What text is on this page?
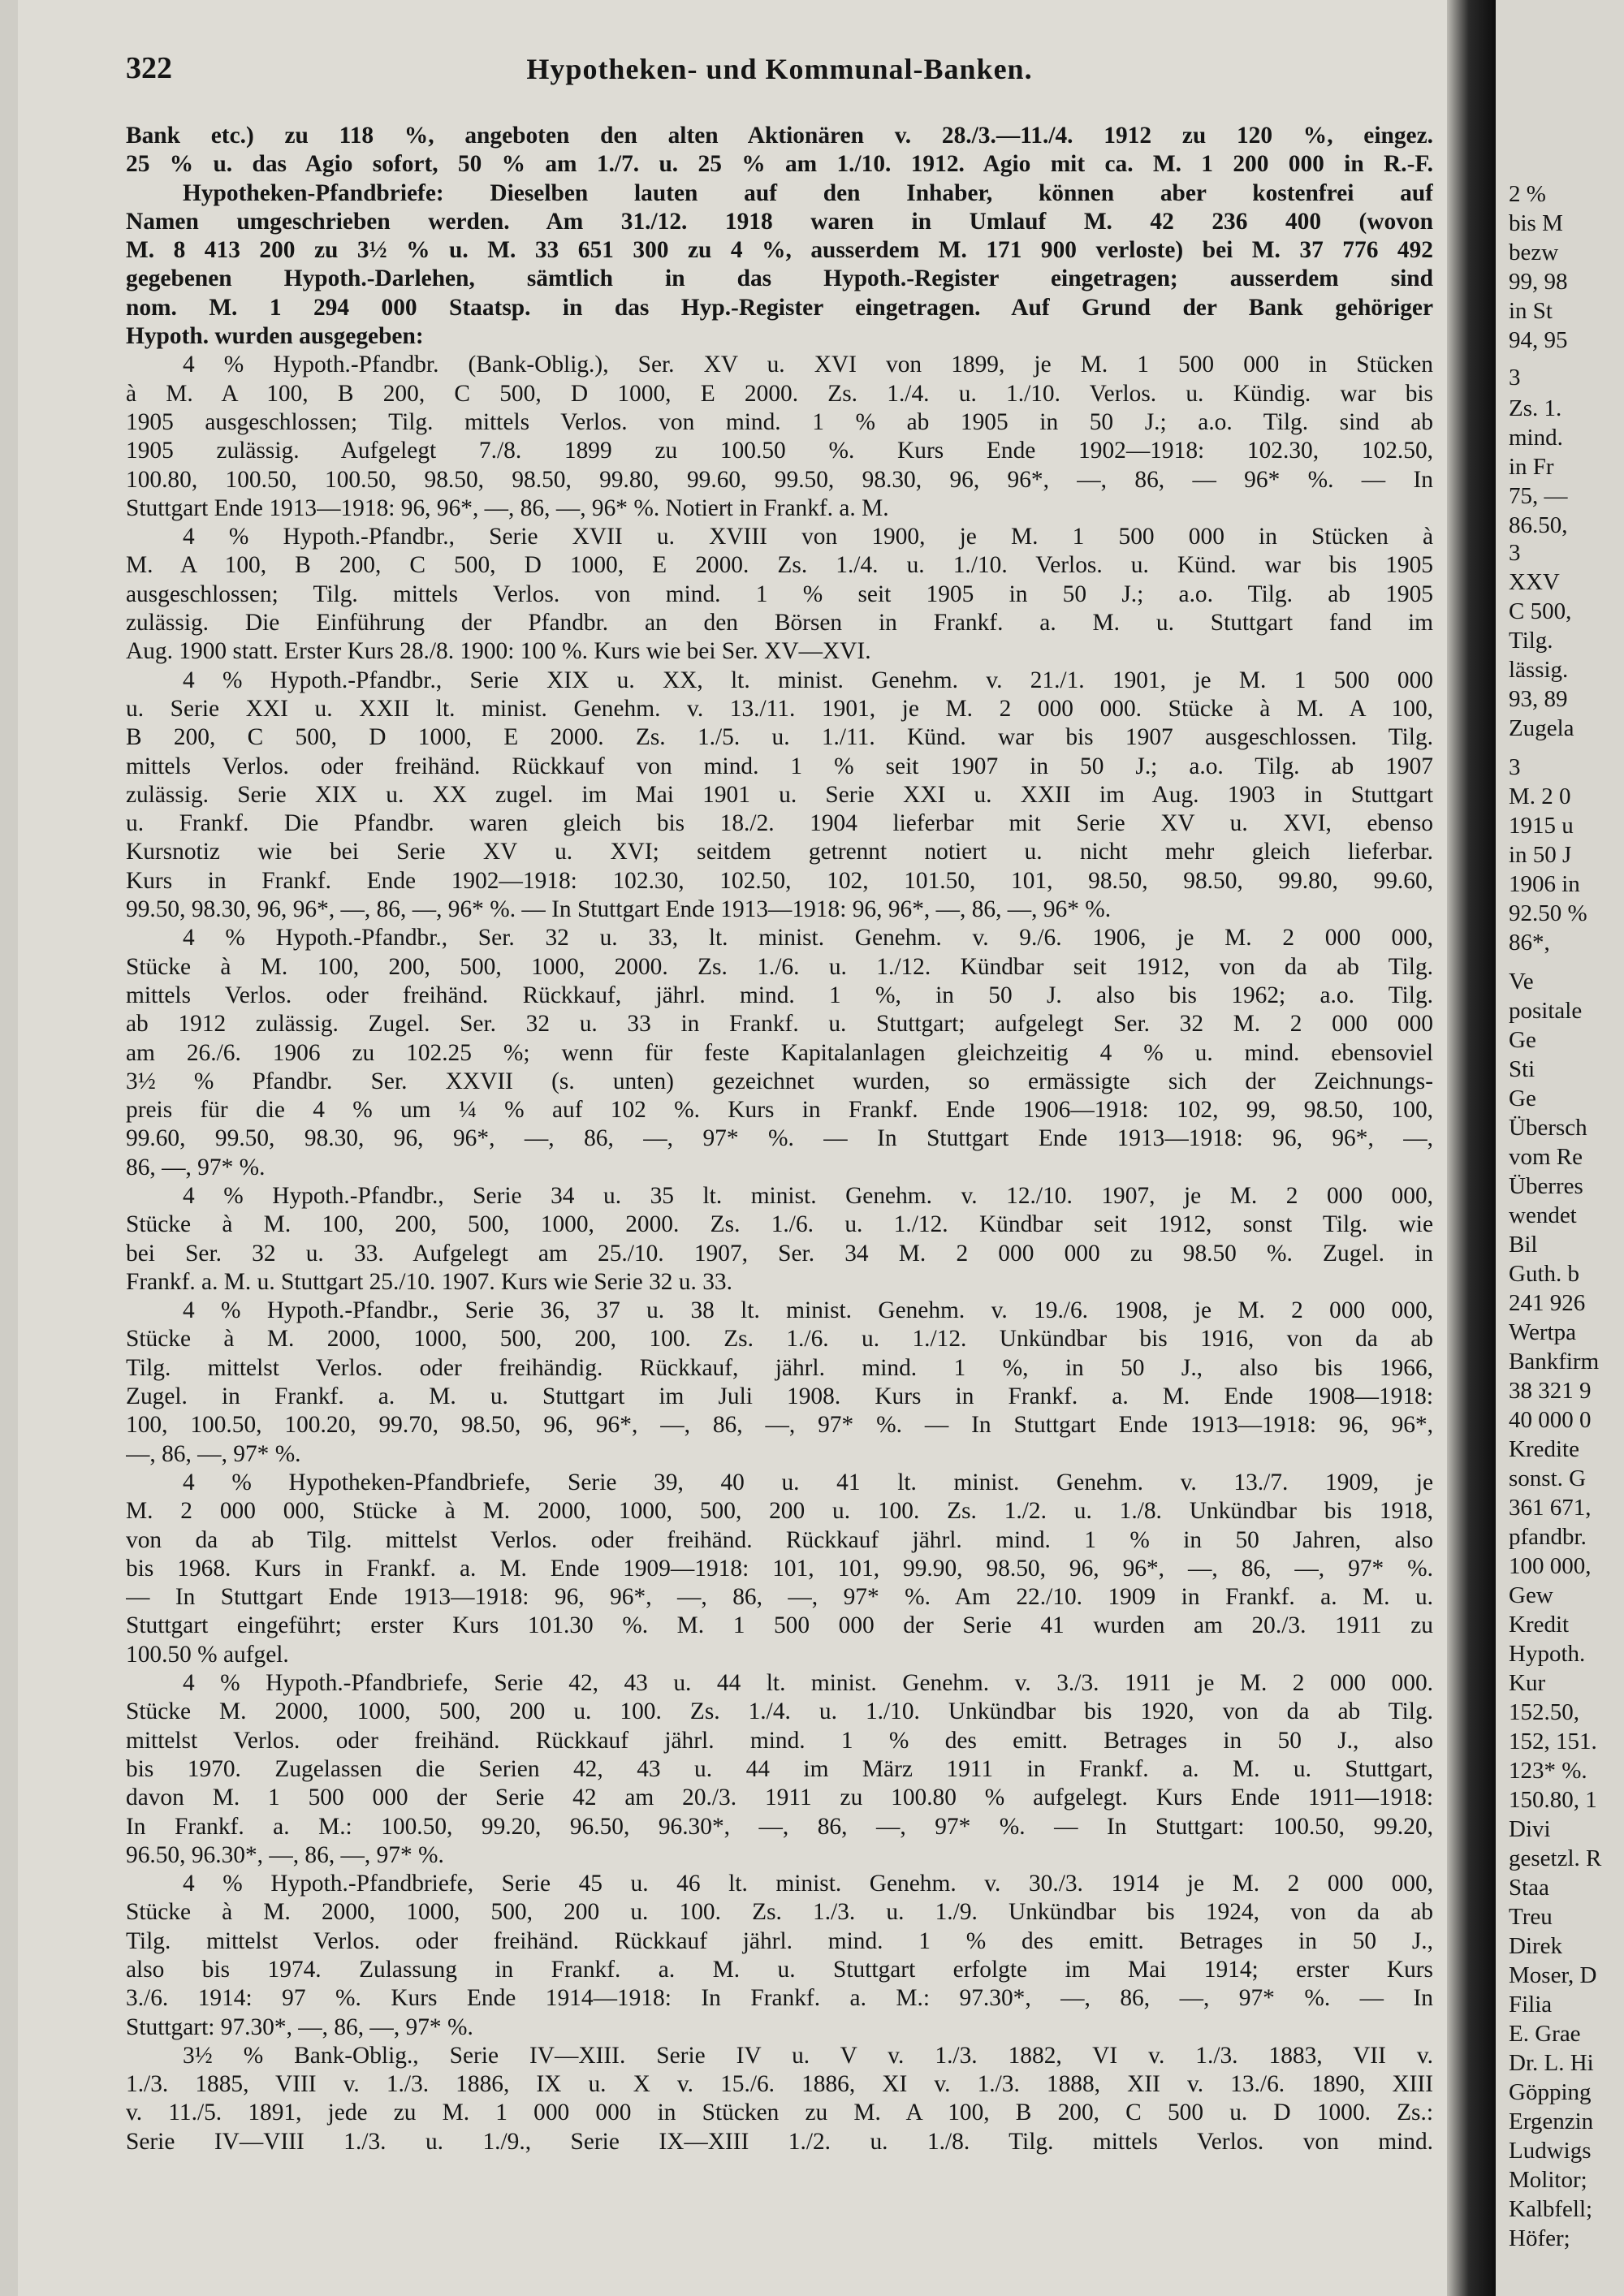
322	Hypotheken- und Kommunal-Banken.
Bank etc.) zu 118 %, angeboten den alten Aktionären v. 28./3.—11./4. 1912 zu 120 %, eingez.
25 % u. das Agio sofort, 50 % am 1./7. u. 25 % am 1./10. 1912. Agio mit ca. M. 1 200 000 in R.-F.
Hypotheken-Pfandbriefe: Dieselben lauten auf den Inhaber, können aber kostenfrei auf
Namen umgeschrieben werden. Am 31./12. 1918 waren in Umlauf M. 42 236 400 (wovon
M. 8 413 200 zu 3½ % u. M. 33 651 300 zu 4 %, ausserdem M. 171 900 verloste) bei M. 37 776 492
gegebenen Hypoth.-Darlehen, sämtlich in das Hypoth.-Register eingetragen; ausserdem sind
nom. M. 1 294 000 Staatsp. in das Hyp.-Register eingetragen. Auf Grund der Bank gehöriger
Hypoth. wurden ausgegeben:
4 % Hypoth.-Pfandbr. (Bank-Oblig.), Ser. XV u. XVI von 1899, je M. 1 500 000 in Stücken
à M. A 100, B 200, C 500, D 1000, E 2000. Zs. 1./4. u. 1./10. Verlos. u. Kündig. war bis
1905 ausgeschlossen; Tilg. mittels Verlos. von mind. 1 % ab 1905 in 50 J.; a.o. Tilg. sind ab
1905 zulässig. Aufgelegt 7./8. 1899 zu 100.50 %. Kurs Ende 1902—1918: 102.30, 102.50,
100.80, 100.50, 100.50, 98.50, 98.50, 99.80, 99.60, 99.50, 98.30, 96, 96*, —, 86, — 96* %. — In
Stuttgart Ende 1913—1918: 96, 96*, —, 86, —, 96* %. Notiert in Frankf. a. M.
4 % Hypoth.-Pfandbr., Serie XVII u. XVIII von 1900, je M. 1 500 000 in Stücken à
M. A 100, B 200, C 500, D 1000, E 2000. Zs. 1./4. u. 1./10. Verlos. u. Künd. war bis 1905
ausgeschlossen; Tilg. mittels Verlos. von mind. 1 % seit 1905 in 50 J.; a.o. Tilg. ab 1905
zulässig. Die Einführung der Pfandbr. an den Börsen in Frankf. a. M. u. Stuttgart fand im
Aug. 1900 statt. Erster Kurs 28./8. 1900: 100 %. Kurs wie bei Ser. XV—XVI.
4 % Hypoth.-Pfandbr., Serie XIX u. XX, lt. minist. Genehm. v. 21./1. 1901, je M. 1 500 000
u. Serie XXI u. XXII lt. minist. Genehm. v. 13./11. 1901, je M. 2 000 000. Stücke à M. A 100,
B 200, C 500, D 1000, E 2000. Zs. 1./5. u. 1./11. Künd. war bis 1907 ausgeschlossen. Tilg.
mittels Verlos. oder freihänd. Rückkauf von mind. 1 % seit 1907 in 50 J.; a.o. Tilg. ab 1907
zulässig. Serie XIX u. XX zugel. im Mai 1901 u. Serie XXI u. XXII im Aug. 1903 in Stuttgart
u. Frankf. Die Pfandbr. waren gleich bis 18./2. 1904 lieferbar mit Serie XV u. XVI, ebenso
Kursnotiz wie bei Serie XV u. XVI; seitdem getrennt notiert u. nicht mehr gleich lieferbar.
Kurs in Frankf. Ende 1902—1918: 102.30, 102.50, 102, 101.50, 101, 98.50, 98.50, 99.80, 99.60,
99.50, 98.30, 96, 96*, —, 86, —, 96* %. — In Stuttgart Ende 1913—1918: 96, 96*, —, 86, —, 96* %.
4 % Hypoth.-Pfandbr., Ser. 32 u. 33, lt. minist. Genehm. v. 9./6. 1906, je M. 2 000 000,
Stücke à M. 100, 200, 500, 1000, 2000. Zs. 1./6. u. 1./12. Kündbar seit 1912, von da ab Tilg.
mittels Verlos. oder freihänd. Rückkauf, jährl. mind. 1 %, in 50 J. also bis 1962; a.o. Tilg.
ab 1912 zulässig. Zugel. Ser. 32 u. 33 in Frankf. u. Stuttgart; aufgelegt Ser. 32 M. 2 000 000
am 26./6. 1906 zu 102.25 %; wenn für feste Kapitalanlagen gleichzeitig 4 % u. mind. ebensoviel
3½ % Pfandbr. Ser. XXVII (s. unten) gezeichnet wurden, so ermässigte sich der Zeichnungs-
preis für die 4 % um ¼ % auf 102 %. Kurs in Frankf. Ende 1906—1918: 102, 99, 98.50, 100,
99.60, 99.50, 98.30, 96, 96*, —, 86, —, 97* %. — In Stuttgart Ende 1913—1918: 96, 96*, —,
86, —, 97* %.
4 % Hypoth.-Pfandbr., Serie 34 u. 35 lt. minist. Genehm. v. 12./10. 1907, je M. 2 000 000,
Stücke à M. 100, 200, 500, 1000, 2000. Zs. 1./6. u. 1./12. Kündbar seit 1912, sonst Tilg. wie
bei Ser. 32 u. 33. Aufgelegt am 25./10. 1907, Ser. 34 M. 2 000 000 zu 98.50 %. Zugel. in
Frankf. a. M. u. Stuttgart 25./10. 1907. Kurs wie Serie 32 u. 33.
4 % Hypoth.-Pfandbr., Serie 36, 37 u. 38 lt. minist. Genehm. v. 19./6. 1908, je M. 2 000 000,
Stücke à M. 2000, 1000, 500, 200, 100. Zs. 1./6. u. 1./12. Unkündbar bis 1916, von da ab
Tilg. mittelst Verlos. oder freihändig. Rückkauf, jährl. mind. 1 %, in 50 J., also bis 1966,
Zugel. in Frankf. a. M. u. Stuttgart im Juli 1908. Kurs in Frankf. a. M. Ende 1908—1918:
100, 100.50, 100.20, 99.70, 98.50, 96, 96*, —, 86, —, 97* %. — In Stuttgart Ende 1913—1918: 96, 96*,
—, 86, —, 97* %.
4 % Hypotheken-Pfandbriefe, Serie 39, 40 u. 41 lt. minist. Genehm. v. 13./7. 1909, je
M. 2 000 000, Stücke à M. 2000, 1000, 500, 200 u. 100. Zs. 1./2. u. 1./8. Unkündbar bis 1918,
von da ab Tilg. mittelst Verlos. oder freihänd. Rückkauf jährl. mind. 1 % in 50 Jahren, also
bis 1968. Kurs in Frankf. a. M. Ende 1909—1918: 101, 101, 99.90, 98.50, 96, 96*, —, 86, —, 97* %.
— In Stuttgart Ende 1913—1918: 96, 96*, —, 86, —, 97* %. Am 22./10. 1909 in Frankf. a. M. u.
Stuttgart eingeführt; erster Kurs 101.30 %. M. 1 500 000 der Serie 41 wurden am 20./3. 1911 zu
100.50 % aufgel.
4 % Hypoth.-Pfandbriefe, Serie 42, 43 u. 44 lt. minist. Genehm. v. 3./3. 1911 je M. 2 000 000.
Stücke M. 2000, 1000, 500, 200 u. 100. Zs. 1./4. u. 1./10. Unkündbar bis 1920, von da ab Tilg.
mittelst Verlos. oder freihänd. Rückkauf jährl. mind. 1 % des emitt. Betrages in 50 J., also
bis 1970. Zugelassen die Serien 42, 43 u. 44 im März 1911 in Frankf. a. M. u. Stuttgart,
davon M. 1 500 000 der Serie 42 am 20./3. 1911 zu 100.80 % aufgelegt. Kurs Ende 1911—1918:
In Frankf. a. M.: 100.50, 99.20, 96.50, 96.30*, —, 86, —, 97* %. — In Stuttgart: 100.50, 99.20,
96.50, 96.30*, —, 86, —, 97* %.
4 % Hypoth.-Pfandbriefe, Serie 45 u. 46 lt. minist. Genehm. v. 30./3. 1914 je M. 2 000 000,
Stücke à M. 2000, 1000, 500, 200 u. 100. Zs. 1./3. u. 1./9. Unkündbar bis 1924, von da ab
Tilg. mittelst Verlos. oder freihänd. Rückkauf jährl. mind. 1 % des emitt. Betrages in 50 J.,
also bis 1974. Zulassung in Frankf. a. M. u. Stuttgart erfolgte im Mai 1914; erster Kurs
3./6. 1914: 97 %. Kurs Ende 1914—1918: In Frankf. a. M.: 97.30*, —, 86, —, 97* %. — In
Stuttgart: 97.30*, —, 86, —, 97* %.
3½ % Bank-Oblig., Serie IV—XIII. Serie IV u. V v. 1./3. 1882, VI v. 1./3. 1883, VII v.
1./3. 1885, VIII v. 1./3. 1886, IX u. X v. 15./6. 1886, XI v. 1./3. 1888, XII v. 13./6. 1890, XIII
v. 11./5. 1891, jede zu M. 1 000 000 in Stücken zu M. A 100, B 200, C 500 u. D 1000. Zs.:
Serie IV—VIII 1./3. u. 1./9., Serie IX—XIII 1./2. u. 1./8. Tilg. mittels Verlos. von mind.
2 %
bis M
bezw
99, 98
in St
94, 95
3
Zs. 1.
mind.
in Fr
75, —
86.50,
3
XXV
C 500,
Tilg.
lässig.
93, 89
Zugela
3
M. 2 0
1915 u
in 50 J
1906 in
92.50 %
86*,
Ve
positale
Ge
Sti
Ge
Übersch
vom Re
Überres
wendet
Bil
Guth. b
241 926
Wertpa
Bankfirm
38 321 9
40 000 0
Kredite
sonst. G
361 671,
pfandbr.
100 000,
Gew
Kredit
Hypoth.
Kur
152.50,
152, 151.
123* %.
150.80, 1
Divi
gesetzl. R
Staa
Treu
Direk
Moser, D
Filia
E. Grae
Dr. L. Hi
Göpping
Ergenzin
Ludwigs
Molitor;
Kalbfell;
Höfer;
